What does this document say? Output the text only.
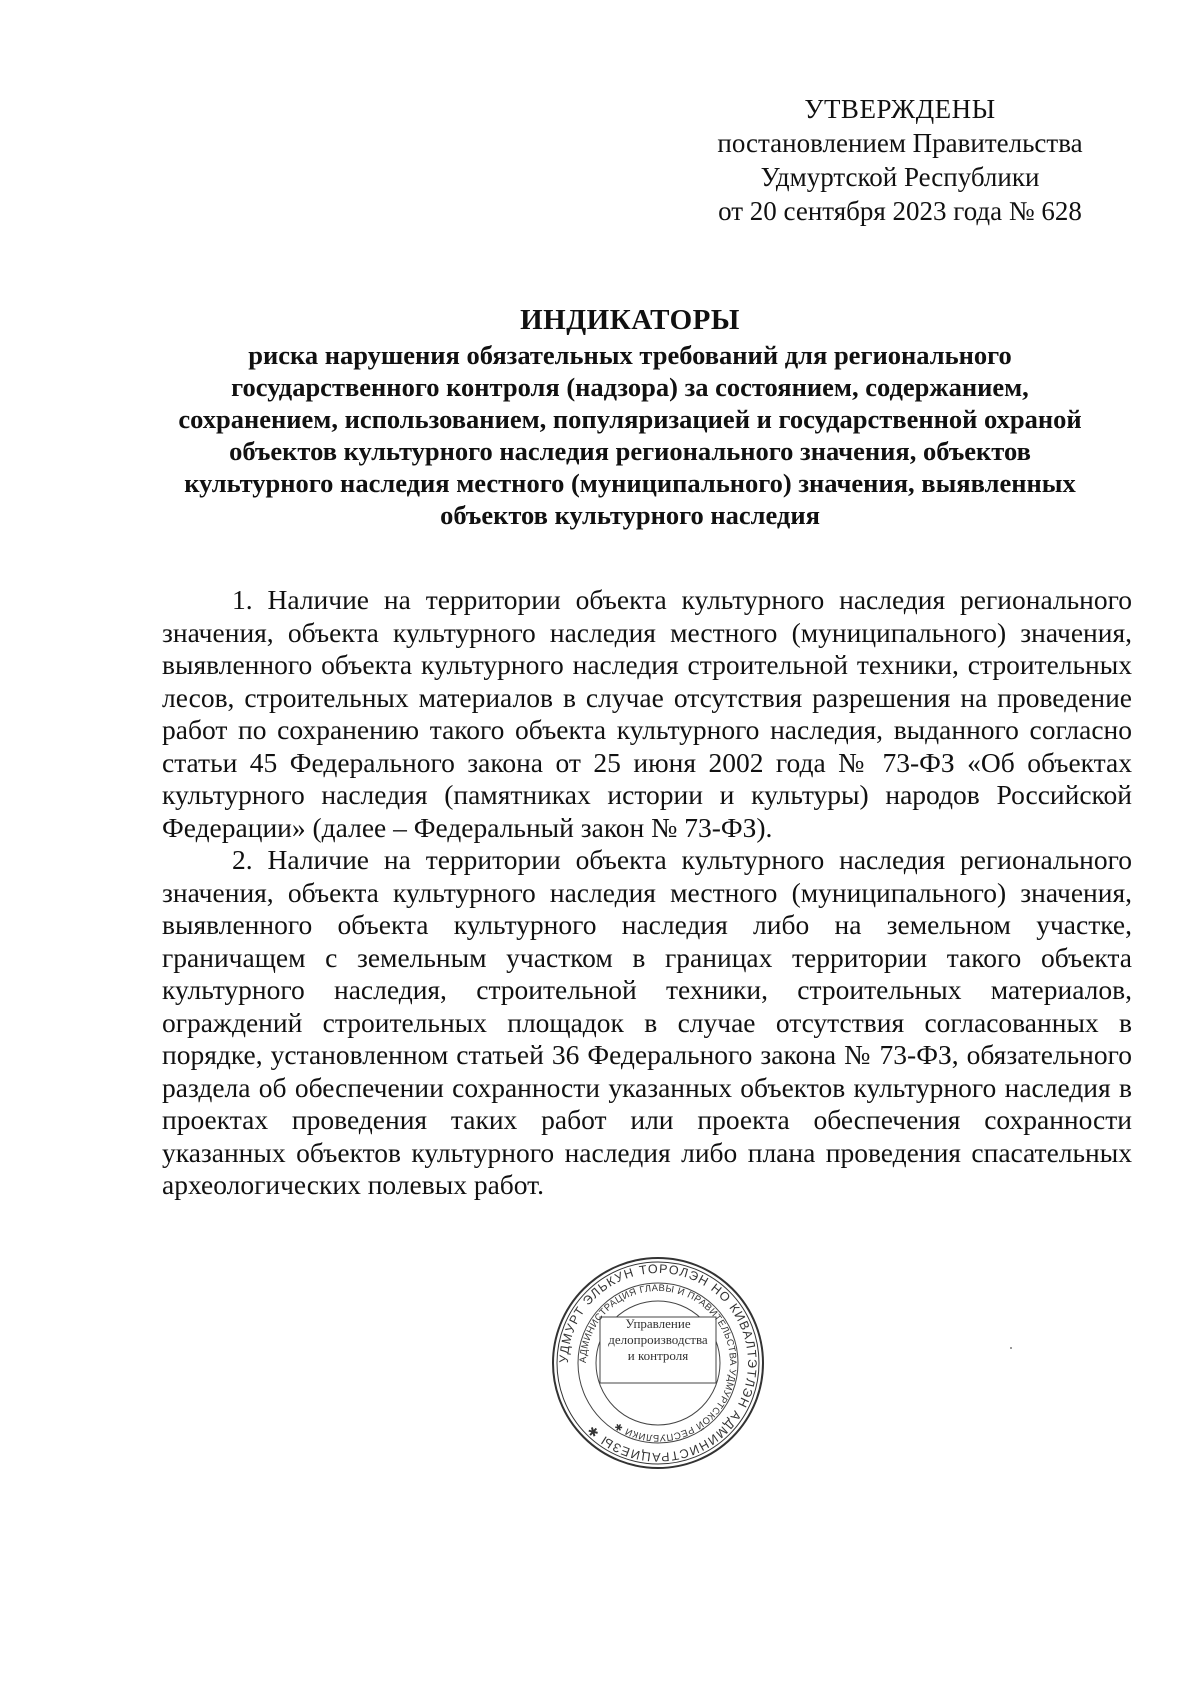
УТВЕРЖДЕНЫ
постановлением Правительства
Удмуртской Республики
от 20 сентября 2023 года № 628
ИНДИКАТОРЫ
риска нарушения обязательных требований для регионального
государственного контроля (надзора) за состоянием, содержанием,
сохранением, использованием, популяризацией и государственной охраной
объектов культурного наследия регионального значения, объектов
культурного наследия местного (муниципального) значения, выявленных
объектов культурного наследия

1. Наличие на территории объекта культурного наследия регионального значения, объекта культурного наследия местного (муниципального) значения, выявленного объекта культурного наследия строительной техники, строительных лесов, строительных материалов в случае отсутствия разрешения на проведение работ по сохранению такого объекта культурного наследия, выданного согласно статьи 45 Федерального закона от 25 июня 2002 года № 73-ФЗ «Об объектах культурного наследия (памятниках истории и культуры) народов Российской Федерации» (далее – Федеральный закон № 73-ФЗ).

2. Наличие на территории объекта культурного наследия регионального значения, объекта культурного наследия местного (муниципального) значения, выявленного объекта культурного наследия либо на земельном участке, граничащем с земельным участком в границах территории такого объекта культурного наследия, строительной техники, строительных материалов, ограждений строительных площадок в случае отсутствия согласованных в порядке, установленном статьей 36 Федерального закона № 73-ФЗ, обязательного раздела об обеспечении сохранности указанных объектов культурного наследия в проектах проведения таких работ или проекта обеспечения сохранности указанных объектов культурного наследия либо плана проведения спасательных археологических полевых работ.

УДМУРТ ЭЛЬКУН ТОРОЛЭН НО КИВАЛТЭТЛЭН АДМИНИСТРАЦИЕЗЫ ✱
АДМИНИСТРАЦИЯ ГЛАВЫ И ПРАВИТЕЛЬСТВА УДМУРТСКОЙ РЕСПУБЛИКИ ✱
Управление
делопроизводства
и контроля
